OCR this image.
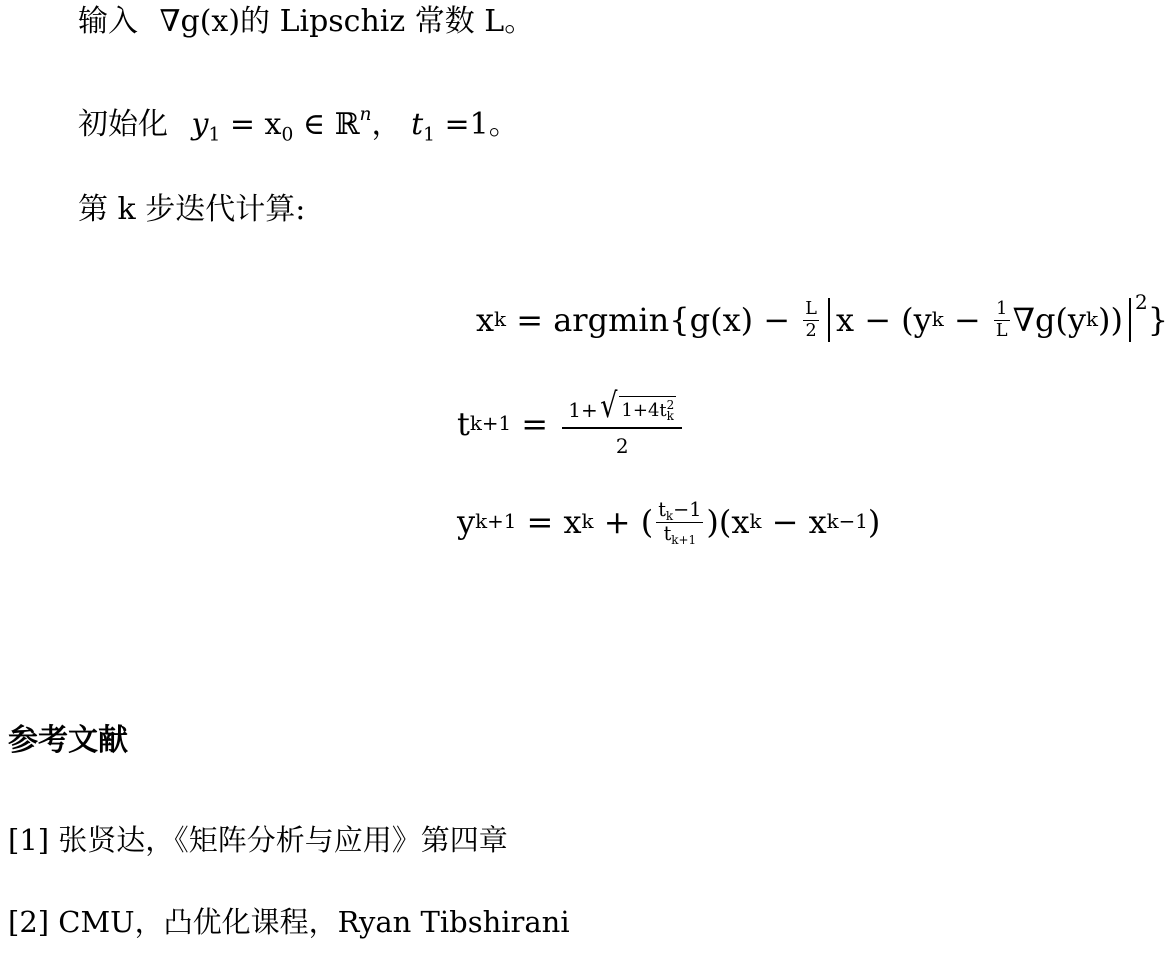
输入 ∇g(x)的 Lipschiz 常数 L。
初始化 $y_1 = x_0$ ∈ ℝ$^n$， $t_1 =1$。
第 k 步迭代计算:
x $k = argmin\{g(x) - \frac{L}{2}$ x − (y $k - \frac{1}{L} \nabla g(y$ k )) 2 }
t k+1 = 1+ √ 1+4t 2
k
2
y k+1 = x k + ( $\frac{t_k-1}{t_{k+1}} )(x$ k − x k−1 )
参考文献
[1] 张贤达，《矩阵分析与应用》第四章
[2] CMU，凸优化课程，Ryan Tibshirani
